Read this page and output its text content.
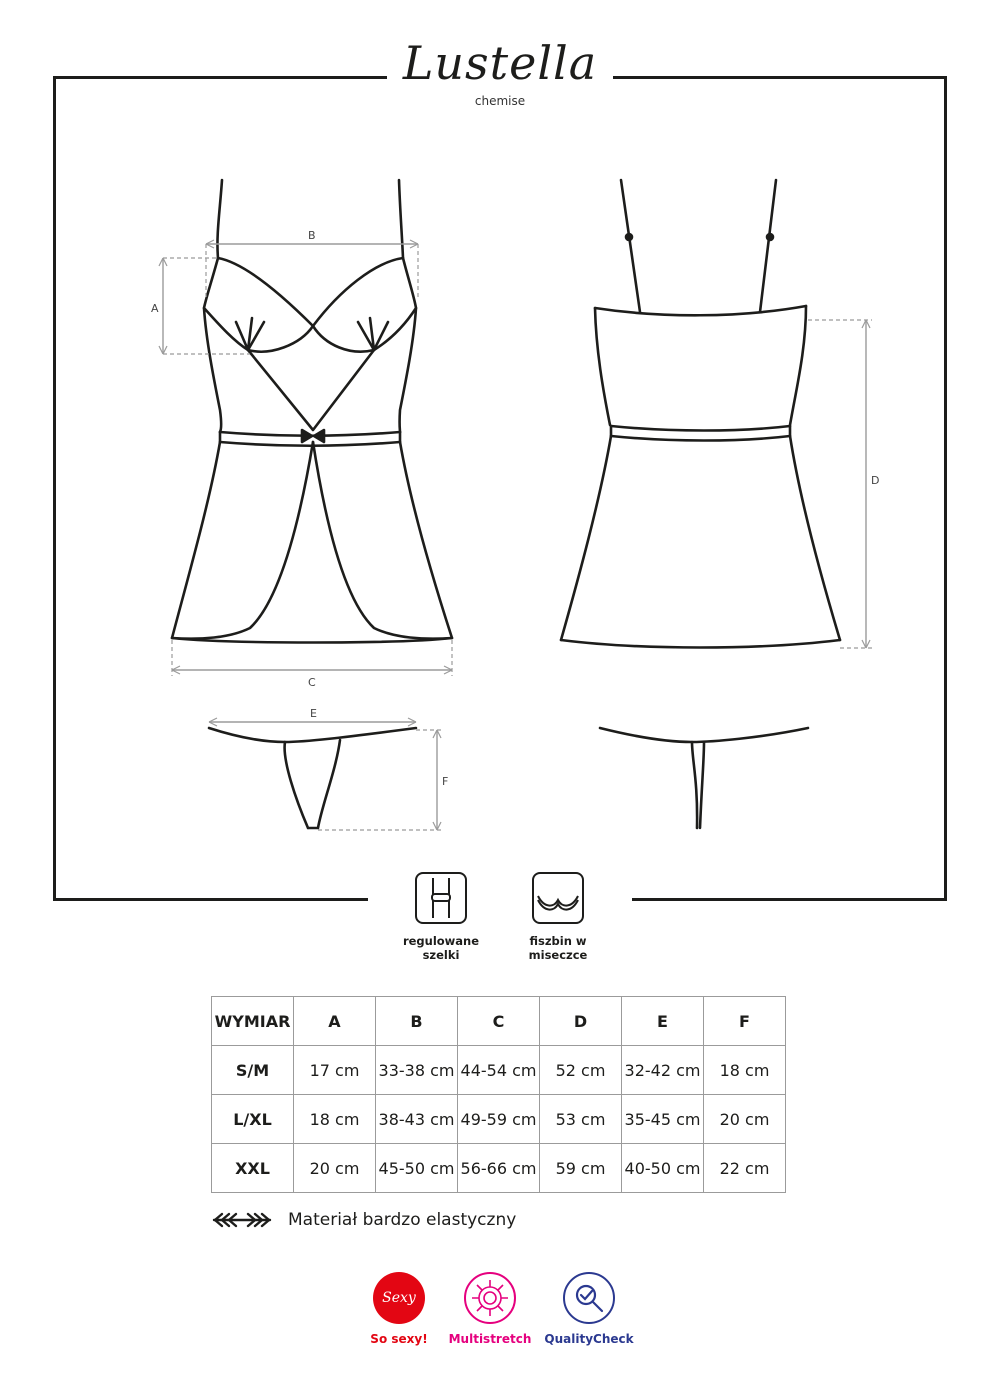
Lustella
chemise
B
A
C
D
E
F
regulowane szelki
fiszbin w miseczce
WYMIAR	A	B	C	D	E	F
S/M	17 cm	33-38 cm	44-54 cm	52 cm	32-42 cm	18 cm
L/XL	18 cm	38-43 cm	49-59 cm	53 cm	35-45 cm	20 cm
XXL	20 cm	45-50 cm	56-66 cm	59 cm	40-50 cm	22 cm
Materiał bardzo elastyczny
Sexy
So sexy!	Multistretch	QualityCheck
